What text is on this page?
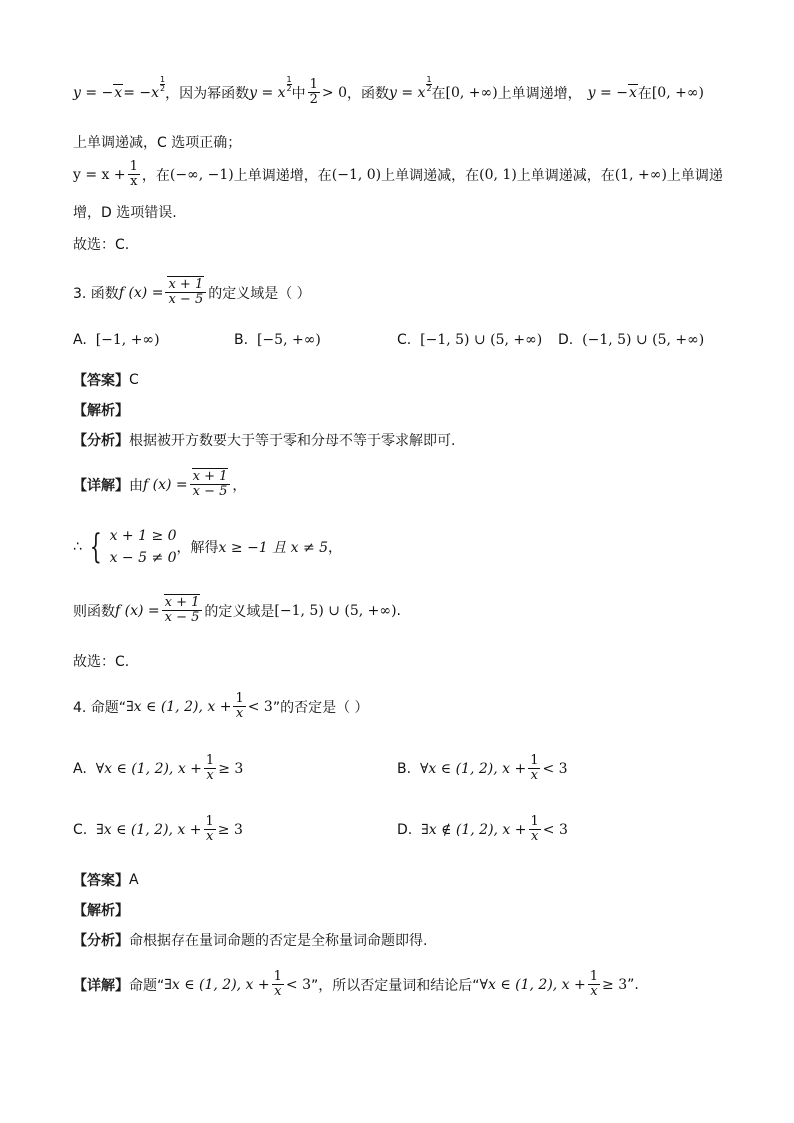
y = − x = −x
1
2 ，因为幂函数 y = x
1
2 中 $\frac{1}{2} > 0$ ，函数 y = x
1
2 在 [0, +∞) 上单调递增， y = − x 在 [0, +∞)
上单调递减，C 选项正确；
$y = x + \frac{1}{x}$ ，在 (−∞, −1) 上单调递增，在 (−1, 0) 上单调递减，在 (0, 1) 上单调递减，在 (1, +∞) 上单调递
增，D 选项错误.
故选：C.
3. 函数 f $(x) = \frac{x + 1}{x - 5}$ 的定义域是（ ）
A.
[−1, +∞)	B.
[−5, +∞)	C.
[−1, 5) ∪ (5, +∞) D.
(−1, 5) ∪ (5, +∞)
【答案】 C
【解析】
【分析】 根据被开方数要大于等于零和分母不等于零求解即可.
【详解】 由 f $(x) = \frac{x + 1}{x - 5}$ ，
∴ { x + 1 ≥ 0
x − 5 ≠ 0
，解得 x ≥ −1 且 x ≠ 5 ，
则函数 f $(x) = \frac{x + 1}{x - 5}$ 的定义域是 [−1, 5) ∪ (5, +∞) .
故选：C.
4. 命题“ ∃x ∈ (1, 2), $x + \frac{1}{x} < 3$ ”的否定是（ ）
A.
∀x ∈ (1, 2), $x + \frac{1}{x} \ge 3$	B.
∀x ∈ (1, 2), $x + \frac{1}{x} < 3$
C.
∃x ∈ (1, 2), $x + \frac{1}{x} \ge 3$	D.
∃x ∉ (1, 2), $x + \frac{1}{x} < 3$
【答案】 A
【解析】
【分析】 命根据存在量词命题的否定是全称量词命题即得.
【详解】 命题“ ∃x ∈ (1, 2), $x + \frac{1}{x} < 3$ ”，所以否定量词和结论后“ ∀x ∈ (1, 2), $x + \frac{1}{x} \ge 3$ ”.
